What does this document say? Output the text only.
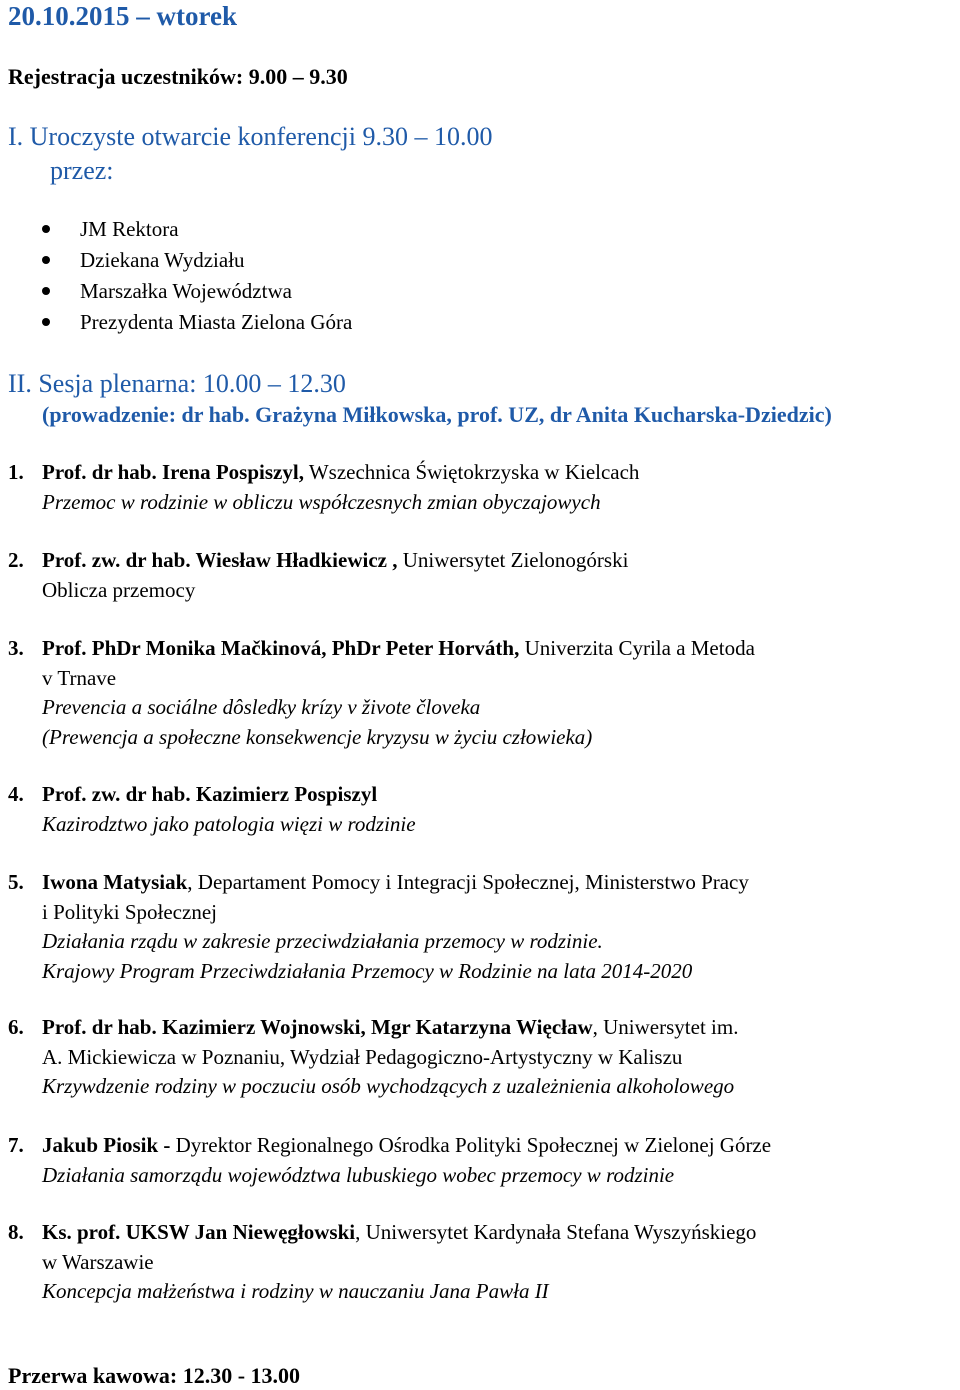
20.10.2015 – wtorek
Rejestracja uczestników: 9.00 – 9.30
I. Uroczyste otwarcie konferencji 9.30 – 10.00
przez:
JM Rektora
Dziekana Wydziału
Marszałka Województwa
Prezydenta Miasta Zielona Góra
II. Sesja plenarna: 10.00 – 12.30
(prowadzenie: dr hab. Grażyna Miłkowska, prof. UZ, dr Anita Kucharska-Dziedzic)
1. Prof. dr hab. Irena Pospiszyl, Wszechnica Świętokrzyska w Kielcach
Przemoc w rodzinie w obliczu współczesnych zmian obyczajowych
2. Prof. zw. dr hab. Wiesław Hładkiewicz , Uniwersytet Zielonogórski
Oblicza przemocy
3. Prof. PhDr Monika Mačkinová, PhDr Peter Horváth, Univerzita Cyrila a Metoda
v Trnave
Prevencia a sociálne dôsledky krízy v živote človeka
(Prewencja a społeczne konsekwencje kryzysu w życiu człowieka)
4. Prof. zw. dr hab. Kazimierz Pospiszyl
Kazirodztwo jako patologia więzi w rodzinie
5. Iwona Matysiak, Departament Pomocy i Integracji Społecznej, Ministerstwo Pracy
i Polityki Społecznej
Działania rządu w zakresie przeciwdziałania przemocy w rodzinie.
Krajowy Program Przeciwdziałania Przemocy w Rodzinie na lata 2014-2020
6. Prof. dr hab. Kazimierz Wojnowski, Mgr Katarzyna Więcław, Uniwersytet im.
A. Mickiewicza w Poznaniu, Wydział Pedagogiczno-Artystyczny w Kaliszu
Krzywdzenie rodziny w poczuciu osób wychodzących z uzależnienia alkoholowego
7. Jakub Piosik - Dyrektor Regionalnego Ośrodka Polityki Społecznej w Zielonej Górze
Działania samorządu województwa lubuskiego wobec przemocy w rodzinie
8. Ks. prof. UKSW Jan Niewęgłowski, Uniwersytet Kardynała Stefana Wyszyńskiego
w Warszawie
Koncepcja małżeństwa i rodziny w nauczaniu Jana Pawła II
Przerwa kawowa: 12.30 - 13.00
